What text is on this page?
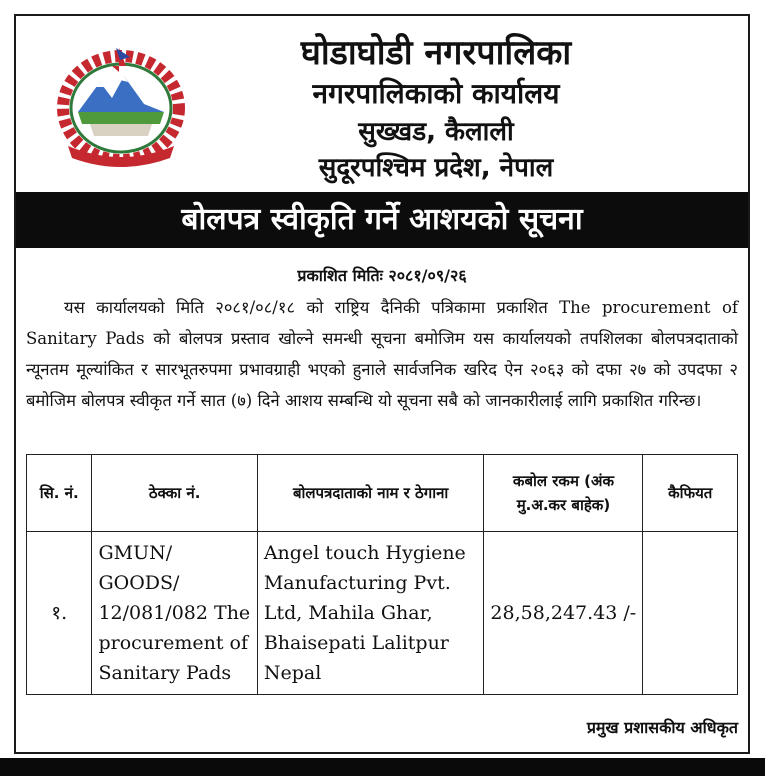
घोडाघोडी नगरपालिका
नगरपालिकाको कार्यालय
सुख्खड, कैलाली
सुदूरपश्चिम प्रदेश, नेपाल
बोलपत्र स्वीकृति गर्ने आशयको सूचना
प्रकाशित मितिः २०८१/०९/२६
यस कार्यालयको मिति २०८१/०८/१८ को राष्ट्रिय दैनिकी पत्रिकामा प्रकाशित The procurement of Sanitary Pads को बोलपत्र प्रस्ताव खोल्ने समन्धी सूचना बमोजिम यस कार्यालयको तपशिलका बोलपत्रदाताको न्यूनतम मूल्यांकित र सारभूतरुपमा प्रभावग्राही भएको हुनाले सार्वजनिक खरिद ऐन २०६३ को दफा २७ को उपदफा २ बमोजिम बोलपत्र स्वीकृत गर्ने सात (७) दिने आशय सम्बन्धि यो सूचना सबै को जानकारीलाई लागि प्रकाशित गरिन्छ।
सि. नं.	ठेक्का नं.	बोलपत्रदाताको नाम र ठेगाना	कबोल रकम (अंक मु.अ.कर बाहेक)	कैफियत
१.	GMUN/ GOODS/ 12/081/082 The procurement of Sanitary Pads	Angel touch Hygiene Manufacturing Pvt. Ltd, Mahila Ghar, Bhaisepati Lalitpur Nepal	28,58,247.43 /-	
प्रमुख प्रशासकीय अधिकृत
